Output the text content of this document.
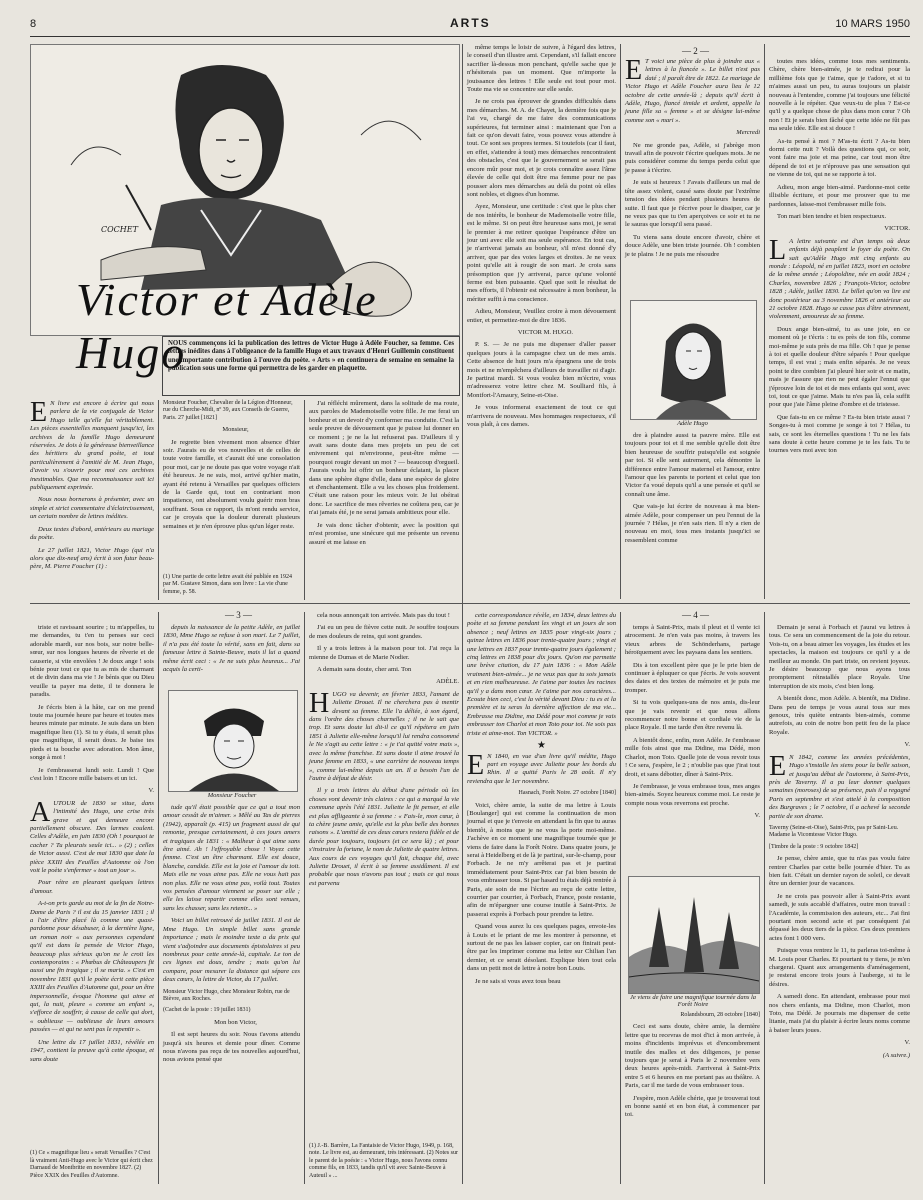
8	ARTS	10 MARS 1950
Victor et Adèle Hugo
COCHET
NOUS commençons ici la publication des lettres de Victor Hugo à Adèle Foucher, sa femme. Ces lettres inédites dans à l'obligeance de la famille Hugo et aux travaux d'Henri Guillemin constituent une importante contribution à l'œuvre du poète. « Arts » en continuera de semaine en semaine la publication sous une forme qui permettra de les garder en plaquette.
E N livre est encore à écrire qui nous parlera de la vie conjugale de Victor Hugo telle qu'elle fut véritablement. Les pièces essentielles manquent jusqu'ici, les archives de la famille Hugo demeurant réservées. Je dois à la généreuse bienveillance des héritiers du grand poète, et tout particulièrement à l'amitié de M. Jean Hugo, d'avoir vu s'ouvrir pour moi ces archives inestimables. Que ma reconnaissance soit ici publiquement exprimée.

Nous nous bornerons à présenter, avec un simple et strict commentaire d'éclaircissement, un certain nombre de lettres inédites.

Deux textes d'abord, antérieurs au mariage du poète.

Le 27 juillet 1821, Victor Hugo (qui n'a alors que dix-neuf ans) écrit à son futur beau-père, M. Pierre Foucher (1) :

Monsieur Foucher, Chevalier de la Légion d'Honneur, rue du Cherche-Midi, nº 39, aux Conseils de Guerre, Paris. 27 juillet [1821]

Monsieur,

Je regrette bien vivement mon absence d'hier soir. J'aurais eu de vos nouvelles et de celles de toute votre famille, et c'aurait été une consolation pour moi, car je ne doute pas que votre voyage n'ait été heureux. Je ne suis, moi, arrivé qu'hier matin, ayant été retenu à Versailles par quelques officiers de la Garde qui, tout en contrariant mon impatience, ont absolument voulu guérir mon bras souffrant. Sous ce rapport, ils m'ont rendu service, car je croyais que la douleur durerait plusieurs semaines et je n'en éprouve plus qu'un léger reste.

(1) Une partie de cette lettre avait été publiée en 1924 par M. Gustave Simon, dans son livre : La vie d'une femme, p. 58.

J'ai réfléchi mûrement, dans la solitude de ma route, aux paroles de Mademoiselle votre fille. Je me ferai un bonheur et un devoir d'y conformer ma conduite. C'est la seule preuve de dévouement que je puisse lui donner en ce moment ; je ne la lui refuserai pas. D'ailleurs il y avait sans doute dans mes projets un peu de cet enivrement qui m'environne, peut-être même — pourquoi rougir devant un mot ? — beaucoup d'orgueil. J'aurais voulu lui offrir un bonheur éclatant, la placer dans une sphère digne d'elle, dans une espèce de gloire et d'enchantement. Elle a vu les choses plus froidement. C'était une raison pour les mieux voir. Je lui obéirai donc. Le sacrifice de mes rêveries ne coûtera peu, car je n'ai jamais été, je ne serai jamais ambitieux pour elle.

Je vais donc tâcher d'obtenir, avec la position qui m'est promise, une sinécure qui me présente un revenu assuré et me laisse en

même temps le loisir de suivre, à l'égard des lettres, le conseil d'un illustre ami. Cependant, s'il fallait encore sacrifier là-dessus mon penchant, qu'elle sache que je n'hésiterais pas un moment. Que m'importe la jouissance des lettres ! Elle seule est tout pour moi. Toute ma vie se concentre sur elle seule.

Je ne crois pas éprouver de grandes difficultés dans mes démarches. M. A. de Chayet, la dernière fois que je l'ai vu, chargé de me faire des communications supérieures, fut terminer ainsi : maintenant que l'on a fait ce qu'on devait faire, vous pouvez vous attendre à tout. Ce sont ses propres termes. Si toutefois (car il faut, en effet, s'attendre à tout) mes démarches rencontraient des obstacles, c'est que le gouvernement se serait pas encore mûr pour moi, et je crois connaître assez l'âme élevée de celle qui doit être ma femme pour ne pas pousser alors mes démarches au delà du point où elles sont nobles, et dignes d'un homme.

Ayez, Monsieur, une certitude : c'est que le plus cher de nos intérêts, le bonheur de Mademoiselle votre fille, est le même. Si on peut être heureuse sans moi, je serai le premier à me retirer quoique l'espérance d'être un jour uni avec elle soit ma seule espérance. En tout cas, je n'arriverai jamais au bonheur, s'il m'est donné d'y arriver, que par des voies larges et droites. Je ne veux point qu'elle ait à rougir de son mari. Je crois sans présomption que j'y arriverai, parce qu'une volonté ferme est bien puissante. Quel que soit le résultat de mes efforts, il l'obtenir est nécessaire à mon bonheur, la mériter suffit à ma conscience.

Adieu, Monsieur, Veuillez croire à mon dévouement entier, et permettez-moi de dire 1836.

VICTOR M. HUGO.

P. S. — Je ne puis me dispenser d'aller passer quelques jours à la campagne chez un de mes amis. Cette absence de huit jours m'a épargnera une de trois mois et ne m'empêchera d'ailleurs de travailler ni d'agir. Je partirai mardi. Si vous voulez bien m'écrire, vous m'adresserez votre lettre chez M. Soulliard fils, à Montfort-l'Amaury, Seine-et-Oise.

Je vous informerai exactement de tout ce qui m'arrivera de nouveau. Mes hommages respectueux, s'il vous plaît, à ces dames.

— 2 —
E T voici une pièce de plus à joindre aux « lettres à la fiancée ». Le billet n'est pas daté ; il paraît être de 1822. Le mariage de Victor Hugo et Adèle Foucher aura lieu le 12 octobre de cette année-là ; depuis qu'il écrit à Adèle, Hugo, fiancé timide et ardent, appelle la jeune fille sa « femme » et se désigne lui-même comme son « mari ».

Mercredi

Ne me gronde pas, Adèle, si j'abrège mon travail afin de pouvoir t'écrire quelques mots. Je ne puis considérer comme du temps perdu celui que je passe à t'écrire.

Je suis si heureux ! J'avais d'ailleurs un mal de tête assez violent, causé sans doute par l'extrême tension des idées pendant plusieurs heures de suite. Il faut que je t'écrive pour le dissiper, car je ne veux pas que tu t'en aperçoives ce soir et tu ne le sauras que lorsqu'il sera passé.

Tu viens sans doute encore d'avoir, chère et douce Adèle, une bien triste journée. Oh ! combien je te plains ! Je ne puis me résoudre

Adèle Hugo

dre à plaindre aussi ta pauvre mère. Elle est toujours pour toi et il me semble qu'elle doit être bien heureuse de souffrir puisqu'elle est soignée par toi. Si elle sent autrement, cela démontre la différence entre l'amour maternel et l'amour, entre l'amour que les parents te portent et celui que ton Victor t'a voué depuis qu'il a une pensée et qu'il se connaît une âme.

Que vais-je lui écrire de nouveau à ma bien-aimée Adèle, pour compenser un peu l'ennui de la journée ? Hélas, je n'en sais rien. Il n'y a rien de nouveau en moi, tous mes instants jusqu'ici se ressemblent comme

toutes mes idées, comme tous mes sentiments. Chère, chère bien-aimée, je te redirai pour la millième fois que je t'aime, que je t'adore, et si tu m'aimes aussi un peu, tu auras toujours un plaisir nouveau à l'entendre, comme j'ai toujours une félicité nouvelle à le répéter. Que veux-tu de plus ? Est-ce qu'il y a quelque chose de plus dans mon cœur ? Oh non ! Et je serais bien fâché que cette idée ne fût pas ma seule idée. Elle est si douce !

As-tu pensé à moi ? M'as-tu écrit ? As-tu bien dormi cette nuit ? Voilà des questions qui, ce soir, vont faire ma joie et ma peine, car tout mon être dépend de toi et je n'éprouve pas une sensation qui ne vienne de toi, qui ne se rapporte à toi.

Adieu, mon ange bien-aimé. Pardonne-moi cette illisible écriture, et pour me prouver que tu me pardonnes, laisse-moi t'embrasser mille fois.

Ton mari bien tendre et bien respectueux.

VICTOR.

L A lettre suivante est d'un temps où deux enfants déjà peuplent le foyer du poète. On sait qu'Adèle Hugo mit cinq enfants au monde : Léopold, né en juillet 1823, mort en octobre de la même année ; Léopoldine, née en août 1824 ; Charles, novembre 1826 ; François-Victor, octobre 1828 ; Adèle, juillet 1830. Le billet qu'on va lire est donc postérieur au 3 novembre 1826 et antérieur au 21 octobre 1828. Hugo se casse pas d'être atrennent, violemment, amoureux de sa femme.

Doux ange bien-aimé, tu as une joie, en ce moment où je t'écris : tu es près de ton fils, comme moi-même je suis près de ma fille. Oh ! que je pense à toi et quelle douleur d'être séparés ! Pour quelque temps, il est vrai ; mais enfin séparés. Je ne veux point te dire combien j'ai pleuré hier soir et ce matin, mais je t'assure que rien ne peut égaler l'ennui que j'éprouve loin de toi et de mes enfants qui sont, avec toi, tout ce que j'aime. Mais tu n'es pas là, cela suffit pour que j'aie l'âme pleine d'ombre et de tristesse.

Que fais-tu en ce même ? Es-tu bien triste aussi ? Songes-tu à moi comme je songe à toi ? Hélas, tu sais, ce sont les éternelles questions ! Tu ne les fais sans doute à cette heure comme je te les fais. Tu te tournes vers moi avec ton

— 3 —

triste et ravissant sourire ; tu m'appelles, tu me demandes, tu t'en tu penses sur ceci adorable mardi, sur nos bois, sur notre belle-sœur, sur nos longues heures de rêverie et de causerie, si vite envolées ! Je doux ange ! sois bénie pour tout ce que tu as mis de charmant et de divin dans ma vie ! Je bénis que ou Dieu veuille ta payer ma dette, il te donnera le paradis.

Je t'écris bien à la hâte, car on me prend toute ma journée heure par heure et toutes mes heures minute par minute. Je suis dans un bien magnifique lieu (1). Si tu y étais, il serait plus que magnifique, il serait doux. Je baise tes pieds et ta bouche avec adoration. Mon âme, songe à moi !

Je t'embrasserai lundi soir. Lundi ! Que c'est loin ! Encore mille baisers et un ici.

V.

A UTOUR de 1830 se situe, dans l'intimité des Hugo, une crise très grave et qui demeure encore partiellement obscure. Des larmes coulent. Celles d'Adèle, en juin 1830 (Oh ! pourquoi te cacher ? Tu pleurais seule ici... » (2) ; celles de Victor aussi. C'est de mai 1830 que date la pièce XXIII des Feuilles d'Automne où l'on voit le poète s'enfermer « tout un jour ».

Pour rétre en pleurant quelques lettres d'amour.

A-t-on pris garde au mot de la fin de Notre-Dame de Paris ? il est du 15 janvier 1831 ; il a l'air d'être placé là comme une quasi-pardonne pour désabuser, à la dernière ligne, un roman noir « aux personnes cependant qu'il est dans la pensée de Victor Hugo, beaucoup plus sérieux qu'on ne le croit les contemporains : « Phœbus de Châteaupers fit aussi une fin tragique ; il se maria. » C'est en novembre 1831 qu'il le poète écrit cette pièce XXIII des Feuilles d'Automne qui, pour un être impersonnelle, évoque l'homme qui aime et qui, la nuit, pleure « comme un enfant », s'efforce de souffrir, à cause de celle qui dort, « oublieuse — oublieuse de leurs amours passées — et qui ne sent pas le repentir ».

Une lettre du 17 juillet 1831, révélée en 1947, contient la preuve qu'à cette époque, et sans doute

(1) Ce « magnifique lieu » serait Versailles ? C'est là vraiment Anti-Hugo avec le Victor qui écrit chez Darnaud de Montbritte en novembre 1827. (2) Pièce XXIX des Feuilles d'Automne.

depuis la naissance de la petite Adèle, en juillet 1830, Mme Hugo se refuse à son mari. Le 7 juillet, il n'a pas été toute la vérité, sans en fait, dans sa fameuse lettre à Sainte-Beuve, mais il lui a quand même écrit ceci : « Je ne suis plus heureux... J'ai acquis la certi-

Monsieur Foucher

tude qu'il était possible que ce qui a tout mon amour cessât de m'aimer. » Mêlé au Tas de pierres (1942), apparaît (p. 415) un fragment aussi de qui remonte, presque certainement, à ces jours amers et tragiques de 1831 : « Malheur à qui aime sans être aimé. Ah ! l'effroyable chose ! Voyez cette femme. C'est un être charmant. Elle est douce, blanche, candide. Elle est la joie et l'amour du toit. Mais elle ne vous aime pas. Elle ne vous hait pas non plus. Elle ne vous aime pas, voilà tout. Toutes vos pensées d'amour viennent se poser sur elle ; elle les laisse repartir comme elles sont venues, sans les chasser, sans les retenir... »

Voici un billet retrouvé de juillet 1831. Il est de Mme Hugo. Un simple billet sans grande importance ; mais le moindre texte a du prix qui vient s'adjoindre aux documents épistolaires si peu nombreux pour cette année-là, capitale. Le ton de ces lignes est doux, tendre ; mais qu'on lui compare, pour mesurer la distance qui sépare ces deux cœurs, la lettre de Victor, du 17 juillet.

Monsieur Victor Hugo, chez Monsieur Robin, rue de Bièvre, aux Roches.
(Cachet de la poste : 19 juillet 1831)

Mon bon Victor,

Il est sept heures du soir. Nous t'avons attendu jusqu'à six heures et demie pour dîner. Comme nous n'avons pas reçu de tes nouvelles aujourd'hui, nous avions pensé que

cela nous annonçait ton arrivée. Mais pas du tout !

J'ai eu un peu de fièvre cette nuit. Je souffre toujours de mes douleurs de reins, qui sont grandes.

Il y a trois lettres à la maison pour toi. J'ai reçu la mienne de Dumas et de Marie Nodier.

A demain sans doute, cher ami. Ton

ADÈLE.

H UGO va devenir, en février 1833, l'amant de Juliette Drouet. Il ne cherchera pas à mentir devant sa femme. Elle l'a déliée, à son égard, dans l'ordre des choses charnelles ; il ne le sait que trop. Et sans doute lui dit-il ce qu'il répétera en juin 1851 à Juliette elle-même lorsqu'il lui rendra consommé le Ne s'agit au cette lettre : « je t'ai quitté votre mais », avec la même franchise. Et sans doute il aime trouvé la jeune femme en 1833, « une carrière de nouveau temps », comme lui-même depuis un an. Il a besoin l'un de l'autre à défaut de désir.

Il y a trois lettres du début d'une période où les choses vont devenir très claires : ce qui a marqué la vie commune après l'été 1831. Juliette le fit penser, et elle est plus affligeante à sa femme : « Fais-le, mon cœur, à ta chère jeune amie, qu'elle est la plus belle des bonnes raisons ». L'amitié de ces deux cœurs restera fidèle et de durée pour toujours, toujours (et ce sera là) ; et pour s'instruire la fortune, le nom de Juliette de quatre lettres. Aux cours de ces voyages qu'il fait, chaque été, avec Juliette Drouet, il écrit à sa femme assidûment. Il est probable que nous n'avons pas tout ; mais ce qui nous est parvenu

(1) J.-B. Barrère, La Fantaisie de Victor Hugo, 1949, p. 168, note. Le livre est, au demeurant, très intéressant. (2) Notes sur le parent de la poésie : « Victor Hugo, nous l'avons connu comme fils, en 1833, tandis qu'il vit avec Sainte-Beuve à Auteuil » ...
— 4 —

cette correspondance révèle, en 1834, deux lettres du poète et sa femme pendant les vingt et un jours de son absence ; neuf lettres en 1835 pour vingt-six jours ; quinze lettres en 1836 pour trente-quatre jours ; vingt et une lettres en 1837 pour trente-quatre jours également ; cinq lettres en 1838 pour dix jours. Qu'on me permette une brève citation, du 17 juin 1836 : « Mon Adèle vraiment bien-aimée... je ne veux pas que tu sois jamais et en rien malheureuse. Je t'aime par toutes les racines qu'il y a dans mon cœur. Je t'aime par nos caractères... Ecoute bien ceci, c'est la vérité devant Dieu : tu es et la première et tu seras la dernière affection de ma vie... Embrasse ma Didine, ma Dédé pour moi comme je vais embrasser ton Charlot et mon Toto pour toi. Ne sois pas triste et aime-moi. Ton VICTOR. »

★
E N 1840, en vue d'un livre qu'il médite, Hugo part en voyage avec Juliette pour les bords du Rhin. Il a quitté Paris le 28 août. Il n'y reviendra que le 1er novembre.

Hasnach, Forêt Noire. 27 octobre [1840]

Voici, chère amie, la suite de ma lettre à Louis [Boulanger] qui est comme la continuation de mon journal et que je t'envoie en attendant la fin que tu auras bientôt, à moins que je ne vous la porte moi-même. J'achève en ce moment une magnifique tournée que je viens de faire dans la Forêt Noire. Dans quatre jours, je serai à Heidelberg et de là je partirai, sur-le-champ, pour Forbach. Je ne m'y arrêterai pas et je partirai immédiatement pour Saint-Prix car j'ai bien besoin de vous embrasser tous. Si par hasard tu étais déjà rentrée à Paris, aie soin de me l'écrire au reçu de cette lettre, courrier par courrier, à Forbach, France, poste restante, afin de m'épargner une course inutile à Saint-Prix. Je passerai exprès à Forbach pour prendre ta lettre.

Quand vous aurez lu ces quelques pages, envoie-les à Louis et le priant de me les montrer à personne, et surtout de ne pas les laisser copier, car on finirait peut-être par les imprimer comme ma lettre sur Chilian l'an dernier, et ce serait désolant. Explique bien tout cela dans un petit mot de lettre à notre bon Louis.

Je ne sais si vous avez tous beau

temps à Saint-Prix, mais il pleut et il vente ici atrocement. Je n'en vais pas moins, à travers les vieux arbres de Schönderhans, partage héroïquement avec les paysans dans les sentiers.

Dis à ton excellent père que je le prie bien de continuer à épluquer ce que j'écris. Je vois souvent des dates et des textes de mémoire et je puis me tromper.

Si tu vois quelques-uns de nos amis, dis-leur que je vais revenir et que nous allons recommencer notre bonne et cordiale vie de la place Royale. Il me tarde d'en être revenu là.

A bientôt donc, enfin, mon Adèle. Je t'embrasse mille fois ainsi que ma Didine, ma Dédé, mon Charlot, mon Toto. Quelle joie de vous revoir tous ! Ce sera, j'espère, le 2 ; n'oublie pas que j'irai tout droit, et sans débotter, dîner à Saint-Prix.

Je t'embrasse, je vous embrasse tous, mes anges bien-aimés. Soyez heureux comme moi. Le reste je compte nous vous reverrons est proche.

V.

Je viens de faire une magnifique tournée dans la Forêt Noire
Rolandsbourn, 28 octobre [1840]

Ceci est sans doute, chère amie, la dernière lettre que tu recevras de moi d'ici à mon arrivée, à moins d'incidents imprévus et d'encombrement inutile des malles et des diligences, je pense toujours que je serai à Paris le 2 novembre vers deux heures après-midi. J'arriverai à Saint-Prix entre 5 et 6 heures en me portant pas au théâtre. A Paris, car il me tarde de vous embrasser tous.

J'espère, mon Adèle chérie, que je trouverai tout en bonne santé et en bon état, à commencer par toi.

Demain je serai à Forbach et j'aurai vu lettres à tous. Ce sera un commencement de la joie du retour. Vois-tu, on a beau aimer les voyages, les études et les spectacles, la maison est toujours ce qu'il y a de meilleur au monde. On part triste, on revient joyeux. Je désire beaucoup que nous ayons tous promptement réinstallés place Royale. Une interruption de six mois, c'est bien long.

A bientôt donc, mon Adèle. A bientôt, ma Didine. Dans peu de temps je vous aurai tous sur mes genoux, très quiète entrants bien-aimés, comme autrefois, au coin de notre bon petit feu de la place Royale.

V.

E N 1842, comme les années précédentes, Hugo s'installe les siens pour la belle saison, et jusqu'au début de l'automne, à Saint-Prix, près de Taverny. Il a pu leur donner quelques semaines (moroses) de sa présence, puis il a regagné Paris en septembre et s'est attelé à la composition des Burgraves ; le 7 octobre, il a achevé la seconde partie de son drame.

Taverny (Seine-et-Oise), Saint-Prix, pas pr Saint-Leu. Madame la Vicomtesse Victor Hugo.
[Timbre de la poste : 9 octobre 1842]

Je pense, chère amie, que tu n'as pas voulu faire rentrer Charles par cette belle journée d'hier. Tu as bien fait. C'était un dernier rayon de soleil, ce devait être un dernier jour de vacances.

Je ne crois pas pouvoir aller à Saint-Prix avant samedi, je suis accablé d'affaires, outre mon travail : l'Académie, la commission des auteurs, etc... J'ai fini pourtant mon second acte et par conséquent j'ai dépassé les deux tiers de la pièce. Ces deux premiers actes font 1 000 vers.

Puisque vous rentrez le 11, tu parleras toi-même à M. Louis pour Charles. Et pourtant tu y tiens, je m'en chargerai. Quant aux arrangements d'aménagement, je resterai encore trois jours à l'auberge, si tu le désires.

A samedi donc. En attendant, embrasse pour moi nos chers enfants, ma Didine, mon Charlot, mon Toto, ma Dédé. Je pourrais me dispenser de cette litanie, mais j'ai du plaisir à écrire leurs noms comme à baiser leurs joues.

V.

(A suivre.)
